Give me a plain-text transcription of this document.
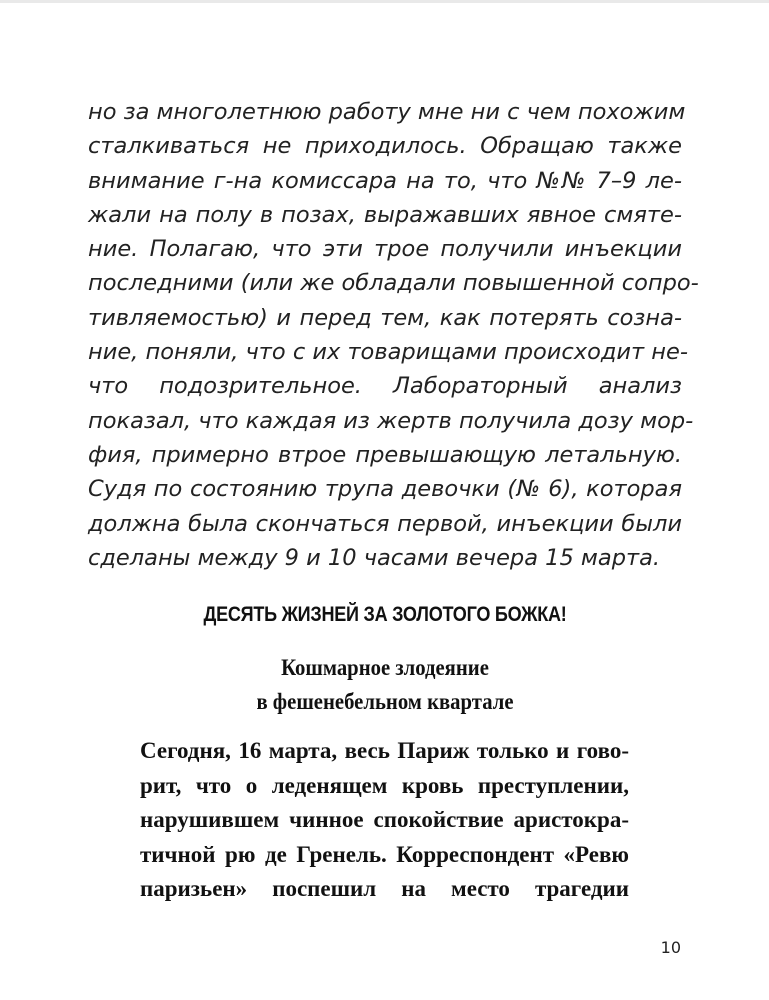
но за многолетнюю работу мне ни с чем похожим
сталкиваться не приходилось. Обращаю также
внимание г-на комиссара на то, что №№ 7–9 ле-
жали на полу в позах, выражавших явное смяте-
ние. Полагаю, что эти трое получили инъекции
последними (или же обладали повышенной сопро-
тивляемостью) и перед тем, как потерять созна-
ние, поняли, что с их товарищами происходит не-
что подозрительное. Лабораторный анализ
показал, что каждая из жертв получила дозу мор-
фия, примерно втрое превышающую летальную.
Судя по состоянию трупа девочки (№ 6), которая
должна была скончаться первой, инъекции были
сделаны между 9 и 10 часами вечера 15 марта.

ДЕСЯТЬ ЖИЗНЕЙ ЗА ЗОЛОТОГО БОЖКА!
Кошмарное злодеяние
в фешенебельном квартале

Сегодня, 16 марта, весь Париж только и гово-
рит, что о леденящем кровь преступлении,
нарушившем чинное спокойствие аристокра-
тичной рю де Гренель. Корреспондент «Ревю
паризьен» поспешил на место трагедии

10
